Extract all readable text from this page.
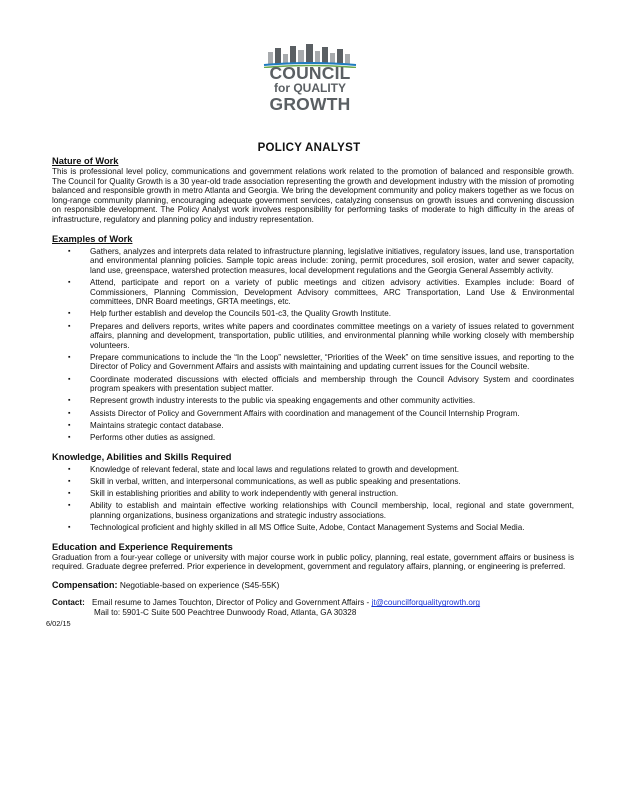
COUNCIL
for QUALITY
GROWTH
POLICY ANALYST
Nature of Work

This is professional level policy, communications and government relations work related to the promotion of balanced and responsible growth. The Council for Quality Growth is a 30 year-old trade association representing the growth and development industry with the mission of promoting balanced and responsible growth in metro Atlanta and Georgia. We bring the development community and policy makers together as we focus on long-range community planning, encouraging adequate government services, catalyzing consensus on growth issues and convening discussion on responsible development. The Policy Analyst work involves responsibility for performing tasks of moderate to high difficulty in the areas of infrastructure, regulatory and planning policy and industry representation.

Examples of Work
▪ Gathers, analyzes and interprets data related to infrastructure planning, legislative initiatives, regulatory issues, land use, transportation and environmental planning policies. Sample topic areas include: zoning, permit procedures, soil erosion, water and sewer capacity, land use, greenspace, watershed protection measures, local development regulations and the Georgia General Assembly activity.
▪ Attend, participate and report on a variety of public meetings and citizen advisory activities. Examples include: Board of Commissioners, Planning Commission, Development Advisory committees, ARC Transportation, Land Use & Environmental committees, DNR Board meetings, GRTA meetings, etc.
▪ Help further establish and develop the Councils 501-c3, the Quality Growth Institute.
▪ Prepares and delivers reports, writes white papers and coordinates committee meetings on a variety of issues related to government affairs, planning and development, transportation, public utilities, and environmental planning while working closely with membership volunteers.
▪ Prepare communications to include the “In the Loop” newsletter, “Priorities of the Week” on time sensitive issues, and reporting to the Director of Policy and Government Affairs and assists with maintaining and updating current issues for the Council website.
▪ Coordinate moderated discussions with elected officials and membership through the Council Advisory System and coordinates program speakers with presentation subject matter.
▪ Represent growth industry interests to the public via speaking engagements and other community activities.
▪ Assists Director of Policy and Government Affairs with coordination and management of the Council Internship Program.
▪ Maintains strategic contact database.
▪ Performs other duties as assigned.
Knowledge, Abilities and Skills Required
▪ Knowledge of relevant federal, state and local laws and regulations related to growth and development.
▪ Skill in verbal, written, and interpersonal communications, as well as public speaking and presentations.
▪ Skill in establishing priorities and ability to work independently with general instruction.
▪ Ability to establish and maintain effective working relationships with Council membership, local, regional and state government, planning organizations, business organizations and strategic industry associations.
▪ Technological proficient and highly skilled in all MS Office Suite, Adobe, Contact Management Systems and Social Media.
Education and Experience Requirements

Graduation from a four-year college or university with major course work in public policy, planning, real estate, government affairs or business is required. Graduate degree preferred. Prior experience in development, government and regulatory affairs, planning, or engineering is preferred.

Compensation: Negotiable-based on experience (S45-55K)
Contact: Email resume to James Touchton, Director of Policy and Government Affairs - jt@councilforqualitygrowth.org
Mail to: 5901-C Suite 500 Peachtree Dunwoody Road, Atlanta, GA 30328
6/02/15
